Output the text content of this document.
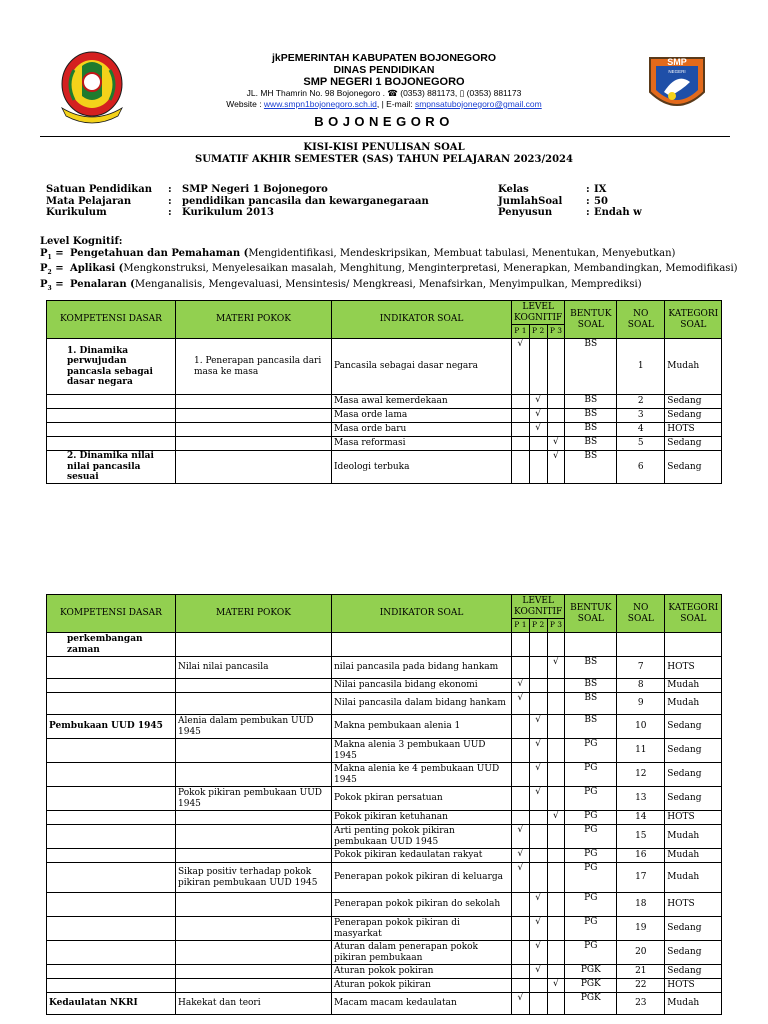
SMP
NEGERI
jkPEMERINTAH KABUPATEN BOJONEGORO
DINAS PENDIDIKAN
SMP NEGERI 1 BOJONEGORO
JL. MH Thamrin No. 98 Bojonegoro . ☎ (0353) 881173, ▯ (0353) 881173
Website : www.smpn1bojonegoro.sch.id, | E-mail: smpnsatubojonegoro@gmail.com
BOJONEGORO
KISI-KISI PENULISAN SOAL
SUMATIF AKHIR SEMESTER (SAS) TAHUN PELAJARAN 2023/2024
Satuan Pendidikan	:	SMP Negeri 1 Bojonegoro
Mata Pelajaran	:	pendidikan pancasila dan kewarganegaraan
Kurikulum	:	Kurikulum 2013
Kelas	: IX
JumlahSoal	: 50
Penyusun	: Endah w
Level Kognitif:
$P_1$ = Pengetahuan dan Pemahaman (Mengidentifikasi, Mendeskripsikan, Membuat tabulasi, Menentukan, Menyebutkan)
$P_2$ = Aplikasi (Mengkonstruksi, Menyelesaikan masalah, Menghitung, Menginterpretasi, Menerapkan, Membandingkan, Memodifikasi)
$P_3$ = Penalaran (Menganalisis, Mengevaluasi, Mensintesis/ Mengkreasi, Menafsirkan, Menyimpulkan, Memprediksi)
KOMPETENSI DASAR	MATERI POKOK	INDIKATOR SOAL	LEVEL KOGNITIF			BENTUK SOAL	NO SOAL	KATEGORI SOAL
			P 1	P 2	P 3			
1. Dinamika perwujudan pancasla sebagai dasar negara	1. Penerapan pancasila dari masa ke masa	Pancasila sebagai dasar negara	√			BS	1	Mudah
		Masa awal kemerdekaan		√		BS	2	Sedang
		Masa orde lama		√		BS	3	Sedang
		Masa orde baru		√		BS	4	HOTS
		Masa reformasi			√	BS	5	Sedang
2. Dinamika nilai nilai pancasila sesuai		Ideologi terbuka			√	BS	6	Sedang
KOMPETENSI DASAR	MATERI POKOK	INDIKATOR SOAL	LEVEL KOGNITIF			BENTUK SOAL	NO SOAL	KATEGORI SOAL
			P 1	P 2	P 3			
perkembangan zaman								
	Nilai nilai pancasila	nilai pancasila pada bidang hankam			√	BS	7	HOTS
		Nilai pancasila bidang ekonomi	√			BS	8	Mudah
		Nilai pancasila dalam bidang hankam	√			BS	9	Mudah
Pembukaan UUD 1945	Alenia dalam pembukan UUD 1945	Makna pembukaan alenia 1		√		BS	10	Sedang
		Makna alenia 3 pembukaan UUD 1945		√		PG	11	Sedang
		Makna alenia ke 4 pembukaan UUD 1945		√		PG	12	Sedang
	Pokok pikiran pembukaan UUD 1945	Pokok pkiran persatuan		√		PG	13	Sedang
		Pokok pikiran ketuhanan			√	PG	14	HOTS
		Arti penting pokok pikiran pembukaan UUD 1945	√			PG	15	Mudah
		Pokok pikiran kedaulatan rakyat	√			PG	16	Mudah
	Sikap positiv terhadap pokok pikiran pembukaan UUD 1945	Penerapan pokok pikiran di keluarga	√			PG	17	Mudah
		Penerapan pokok pikiran do sekolah		√		PG	18	HOTS
		Penerapan pokok pikiran di masyarkat		√		PG	19	Sedang
		Aturan dalam penerapan pokok pikiran pembukaan		√		PG	20	Sedang
		Aturan pokok pokiran		√		PGK	21	Sedang
		Aturan pokok pikiran			√	PGK	22	HOTS
Kedaulatan NKRI	Hakekat dan teori	Macam macam kedaulatan	√			PGK	23	Mudah
